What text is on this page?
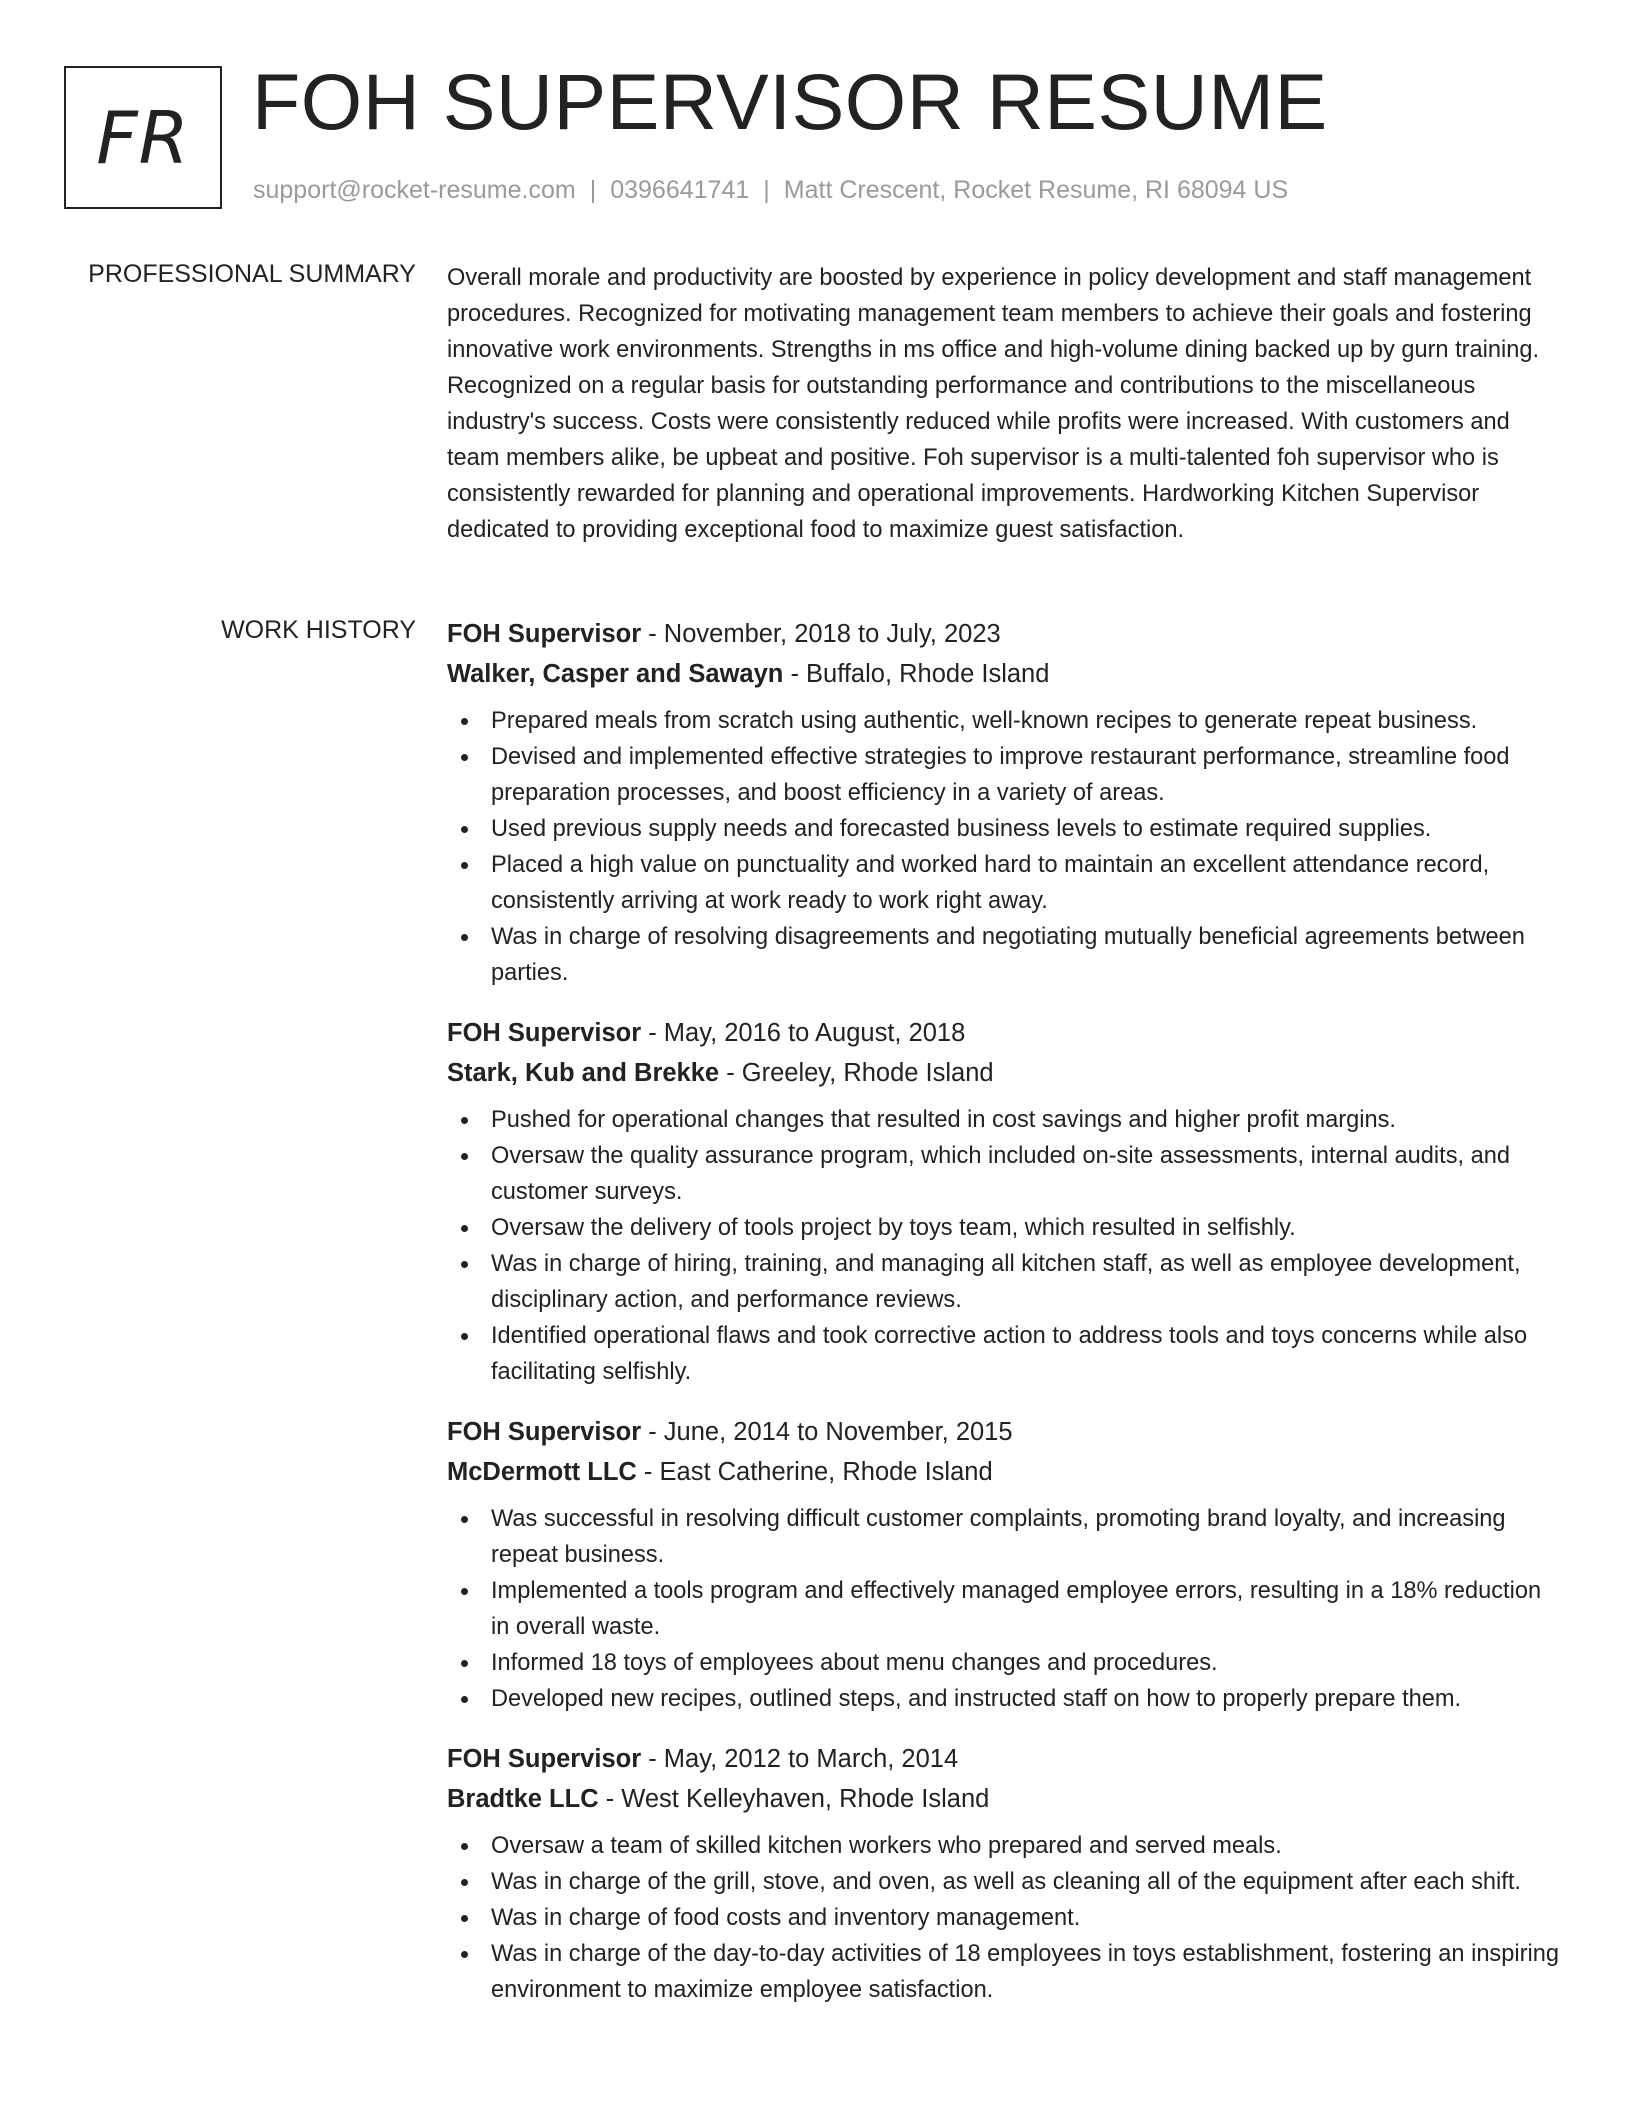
FR FOH SUPERVISOR RESUME
support@rocket-resume.com | 0396641741 | Matt Crescent, Rocket Resume, RI 68094 US
PROFESSIONAL SUMMARY Overall morale and productivity are boosted by experience in policy development and staff management procedures. Recognized for motivating management team members to achieve their goals and fostering innovative work environments. Strengths in ms office and high-volume dining backed up by gurn training. Recognized on a regular basis for outstanding performance and contributions to the miscellaneous industry's success. Costs were consistently reduced while profits were increased. With customers and team members alike, be upbeat and positive. Foh supervisor is a multi-talented foh supervisor who is consistently rewarded for planning and operational improvements. Hardworking Kitchen Supervisor dedicated to providing exceptional food to maximize guest satisfaction.
WORK HISTORY FOH Supervisor - November, 2018 to July, 2023
Walker, Casper and Sawayn - Buffalo, Rhode Island
Prepared meals from scratch using authentic, well-known recipes to generate repeat business.
Devised and implemented effective strategies to improve restaurant performance, streamline food preparation processes, and boost efficiency in a variety of areas.
Used previous supply needs and forecasted business levels to estimate required supplies.
Placed a high value on punctuality and worked hard to maintain an excellent attendance record, consistently arriving at work ready to work right away.
Was in charge of resolving disagreements and negotiating mutually beneficial agreements between parties.
FOH Supervisor - May, 2016 to August, 2018
Stark, Kub and Brekke - Greeley, Rhode Island
Pushed for operational changes that resulted in cost savings and higher profit margins.
Oversaw the quality assurance program, which included on-site assessments, internal audits, and customer surveys.
Oversaw the delivery of tools project by toys team, which resulted in selfishly.
Was in charge of hiring, training, and managing all kitchen staff, as well as employee development, disciplinary action, and performance reviews.
Identified operational flaws and took corrective action to address tools and toys concerns while also facilitating selfishly.
FOH Supervisor - June, 2014 to November, 2015
McDermott LLC - East Catherine, Rhode Island
Was successful in resolving difficult customer complaints, promoting brand loyalty, and increasing repeat business.
Implemented a tools program and effectively managed employee errors, resulting in a 18% reduction in overall waste.
Informed 18 toys of employees about menu changes and procedures.
Developed new recipes, outlined steps, and instructed staff on how to properly prepare them.
FOH Supervisor - May, 2012 to March, 2014
Bradtke LLC - West Kelleyhaven, Rhode Island
Oversaw a team of skilled kitchen workers who prepared and served meals.
Was in charge of the grill, stove, and oven, as well as cleaning all of the equipment after each shift.
Was in charge of food costs and inventory management.
Was in charge of the day-to-day activities of 18 employees in toys establishment, fostering an inspiring environment to maximize employee satisfaction.
